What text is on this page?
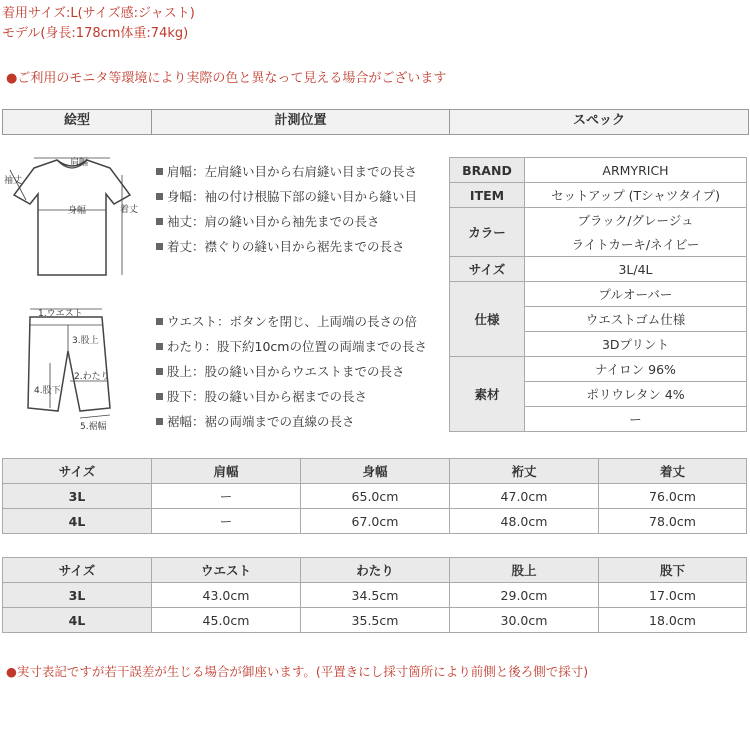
着用サイズ:L(サイズ感:ジャスト)
モデル(身長:178cm体重:74kg)
●ご利用のモニタ等環境により実際の色と異なって見える場合がございます
絵型	計測位置	スペック
肩幅
身幅
袖丈
着丈
1.ウエスト
3.股上
2.わたり
4.股下
5.裾幅
肩幅：左肩縫い目から右肩縫い目までの長さ
身幅：袖の付け根脇下部の縫い目から縫い目
袖丈：肩の縫い目から袖先までの長さ
着丈：襟ぐりの縫い目から裾先までの長さ
ウエスト：ボタンを閉じ、上両端の長さの倍
わたり：股下約10cmの位置の両端までの長さ
股上：股の縫い目からウエストまでの長さ
股下：股の縫い目から裾までの長さ
裾幅：裾の両端までの直線の長さ
BRAND	ARMYRICH
ITEM	セットアップ (Tシャツタイプ)
カラー	ブラック/グレージュ
	ライトカーキ/ネイビー
サイズ	3L/4L
仕様	プルオーバー
	ウエストゴム仕様
	3Dプリント
素材	ナイロン 96%
	ポリウレタン 4%
	ー
サイズ	肩幅	身幅	裄丈	着丈
3L	ー	65.0cm	47.0cm	76.0cm
4L	ー	67.0cm	48.0cm	78.0cm
サイズ	ウエスト	わたり	股上	股下
3L	43.0cm	34.5cm	29.0cm	17.0cm
4L	45.0cm	35.5cm	30.0cm	18.0cm
●実寸表記ですが若干誤差が生じる場合が御座います。(平置きにし採寸箇所により前側と後ろ側で採寸)
